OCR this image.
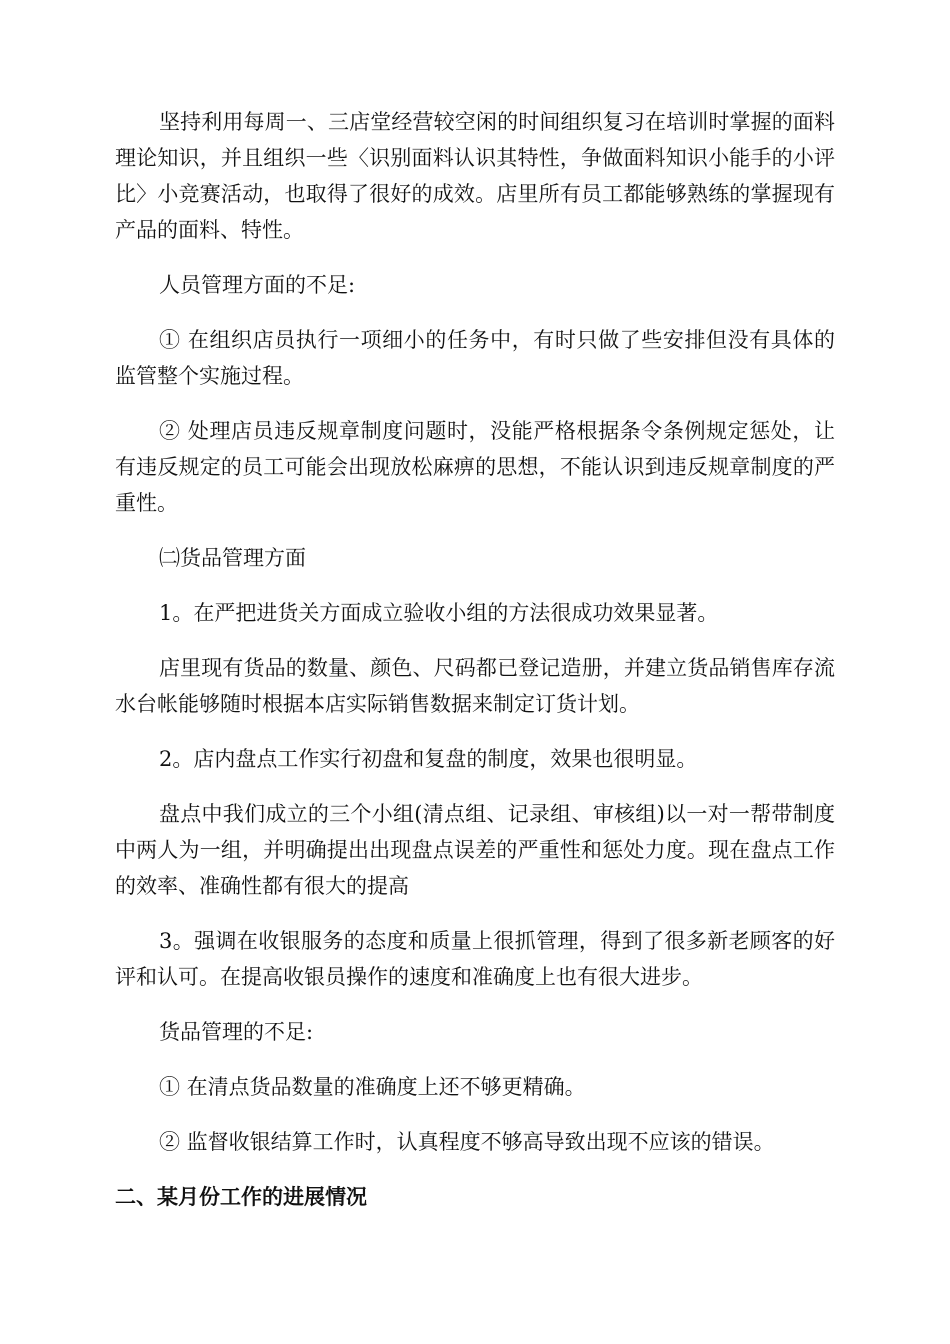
坚持利用每周一、三店堂经营较空闲的时间组织复习在培训时掌握的面料理论知识，并且组织一些〈识别面料认识其特性，争做面料知识小能手的小评比〉小竞赛活动，也取得了很好的成效。店里所有员工都能够熟练的掌握现有产品的面料、特性。

人员管理方面的不足:

① 在组织店员执行一项细小的任务中，有时只做了些安排但没有具体的监管整个实施过程。

② 处理店员违反规章制度问题时，没能严格根据条令条例规定惩处，让有违反规定的员工可能会出现放松麻痹的思想，不能认识到违反规章制度的严重性。

㈡货品管理方面

1。在严把进货关方面成立验收小组的方法很成功效果显著。

店里现有货品的数量、颜色、尺码都已登记造册，并建立货品销售库存流水台帐能够随时根据本店实际销售数据来制定订货计划。

2。店内盘点工作实行初盘和复盘的制度，效果也很明显。

盘点中我们成立的三个小组(清点组、记录组、审核组)以一对一帮带制度中两人为一组，并明确提出出现盘点误差的严重性和惩处力度。现在盘点工作的效率、准确性都有很大的提高

3。强调在收银服务的态度和质量上很抓管理，得到了很多新老顾客的好评和认可。在提高收银员操作的速度和准确度上也有很大进步。

货品管理的不足:

① 在清点货品数量的准确度上还不够更精确。

② 监督收银结算工作时，认真程度不够高导致出现不应该的错误。

二、某月份工作的进展情况
